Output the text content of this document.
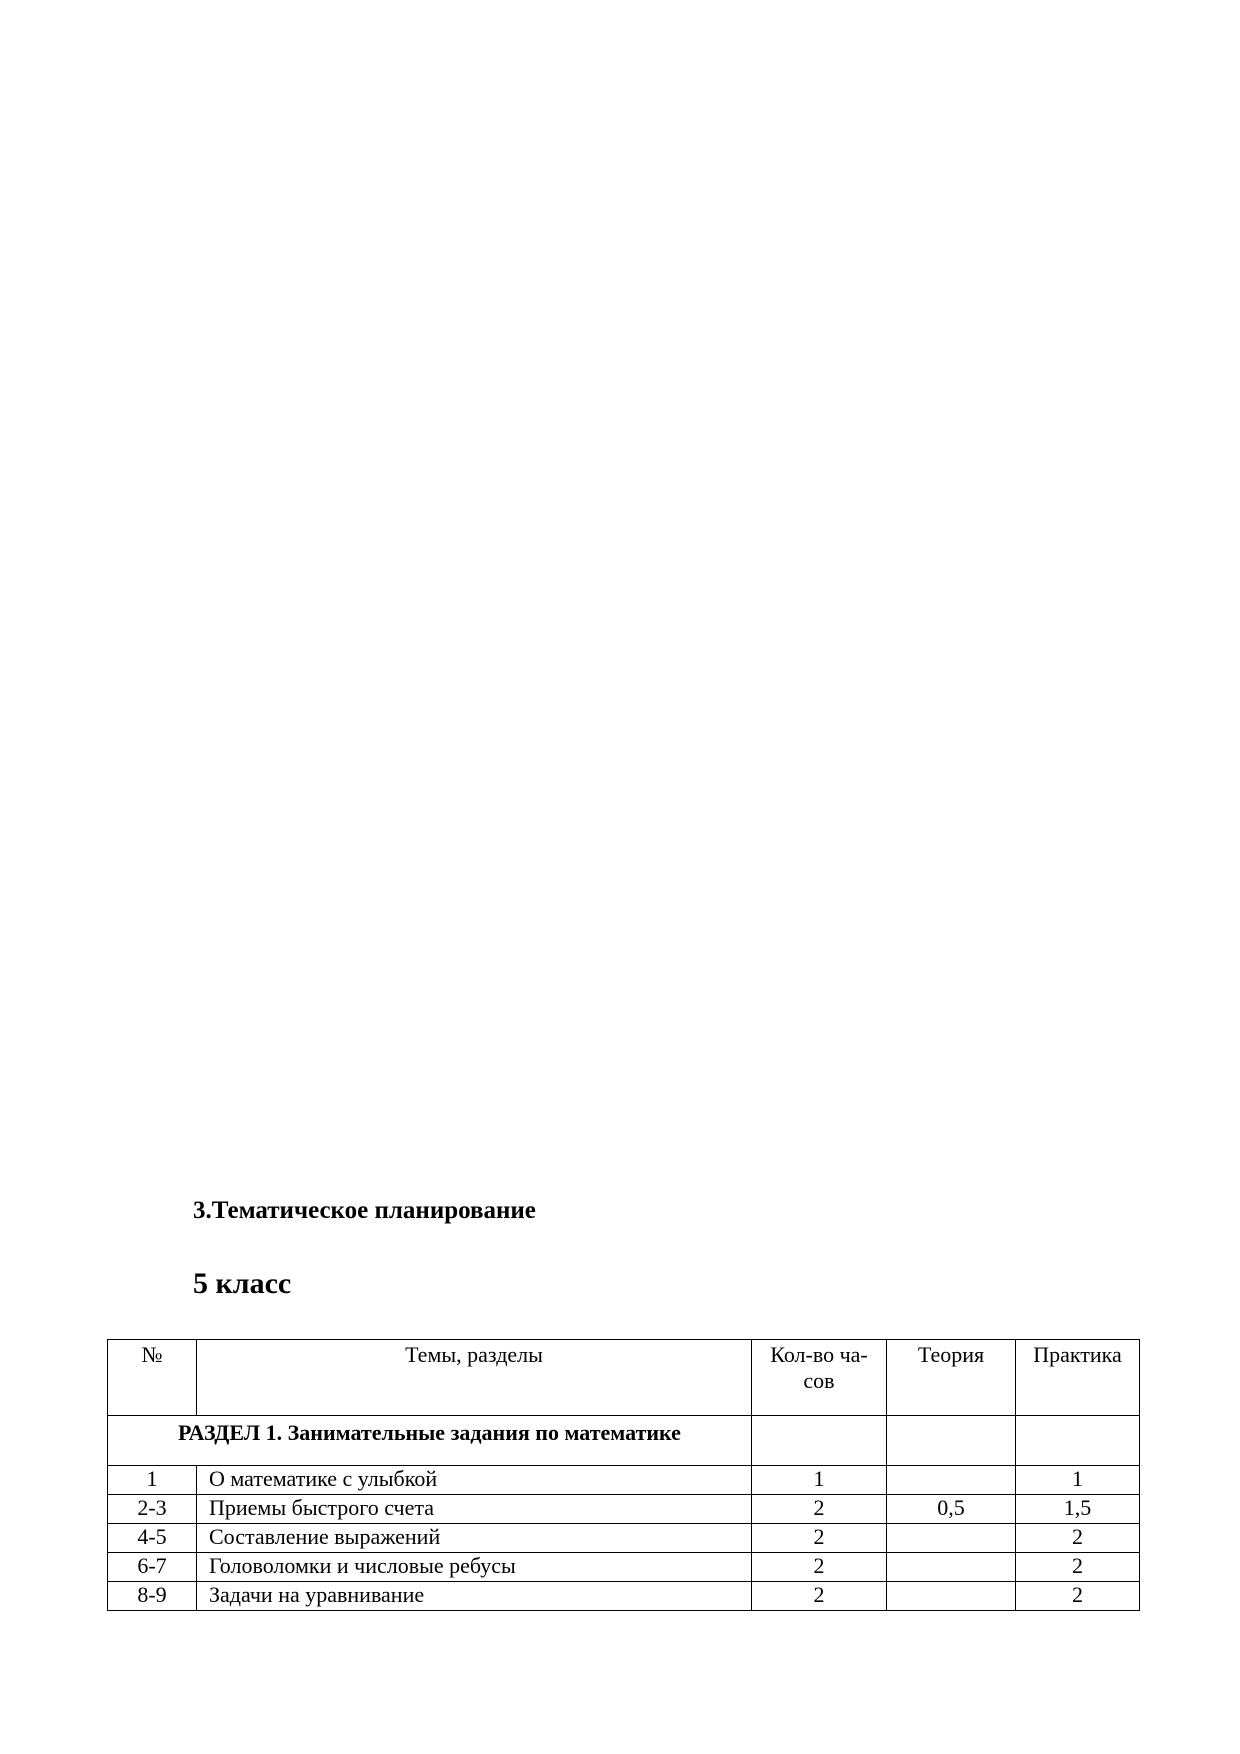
3.Тематическое планирование
5 класс
№	Темы, разделы	Кол-во ча-сов	Теория	Практика
РАЗДЕЛ 1. Занимательные задания по математике				
1	О математике с улыбкой	1		1
2-3	Приемы быстрого счета	2	0,5	1,5
4-5	Составление выражений	2		2
6-7	Головоломки и числовые ребусы	2		2
8-9	Задачи на уравнивание	2		2
